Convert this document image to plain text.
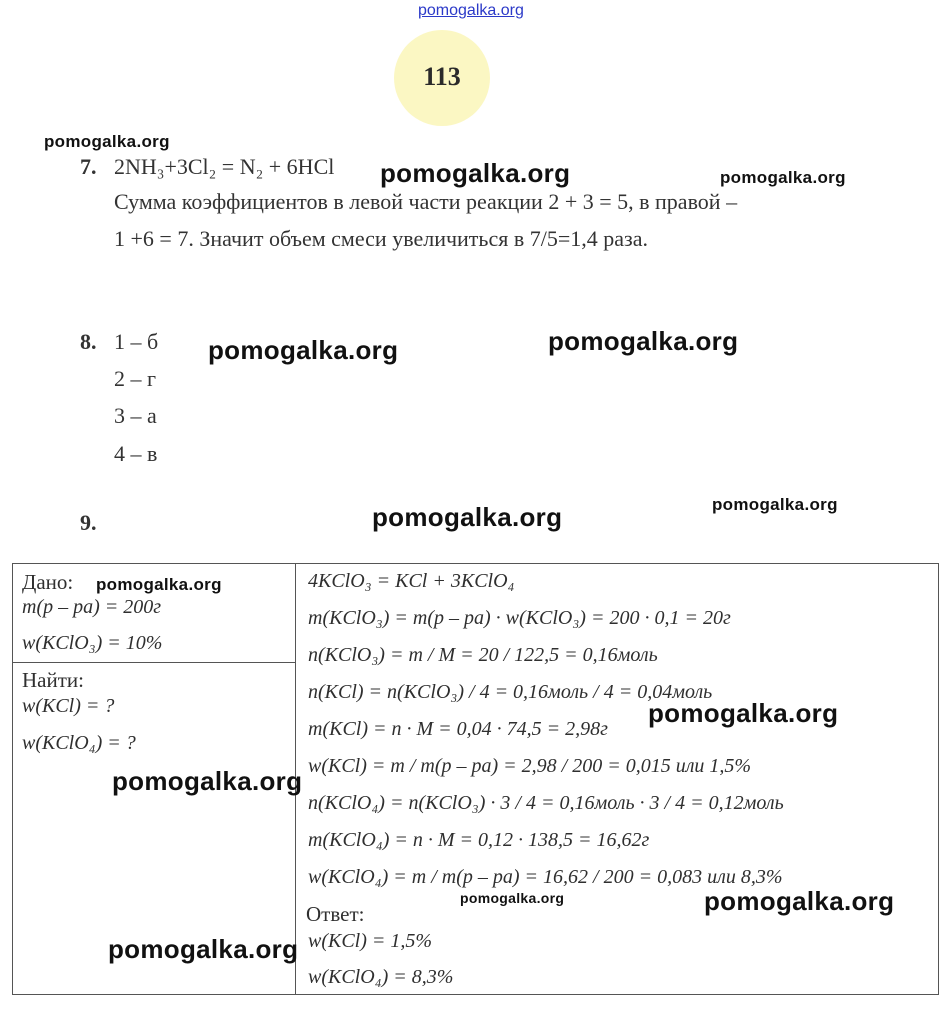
pomogalka.org
113
7. 2NH₃+3Cl₂ = N₂ + 6HCl
Сумма коэффициентов в левой части реакции 2 + 3 = 5, в правой –
1 +6 = 7. Значит объем смеси увеличиться в 7/5=1,4 раза.
8. 1 – б
2 – г
3 – а
4 – в
9.
Дано:
m(p – pa) = 200г
w(KClO₃) = 10%
Найти:
w(KCl) = ?
w(KClO₄) = ?
4KClO₃ = KCl + 3KClO₄
m(KClO₃) = m(p – pa) · w(KClO₃) = 200 · 0,1 = 20г
n(KClO₃) = m / M = 20 / 122,5 = 0,16моль
n(KCl) = n(KClO₃) / 4 = 0,16моль / 4 = 0,04моль
m(KCl) = n · M = 0,04 · 74,5 = 2,98г
w(KCl) = m / m(p – pa) = 2,98 / 200 = 0,015 или 1,5%
n(KClO₄) = n(KClO₃) · 3 / 4 = 0,16моль · 3 / 4 = 0,12моль
m(KClO₄) = n · M = 0,12 · 138,5 = 16,62г
w(KClO₄) = m / m(p – pa) = 16,62 / 200 = 0,083 или 8,3%
Ответ:
w(KCl) = 1,5%
w(KClO₄) = 8,3%
pomogalka.org
pomogalka.org	pomogalka.org
pomogalka.org	pomogalka.org
pomogalka.org
pomogalka.org
pomogalka.org
pomogalka.org
pomogalka.org
pomogalka.org	pomogalka.org
pomogalka.org
